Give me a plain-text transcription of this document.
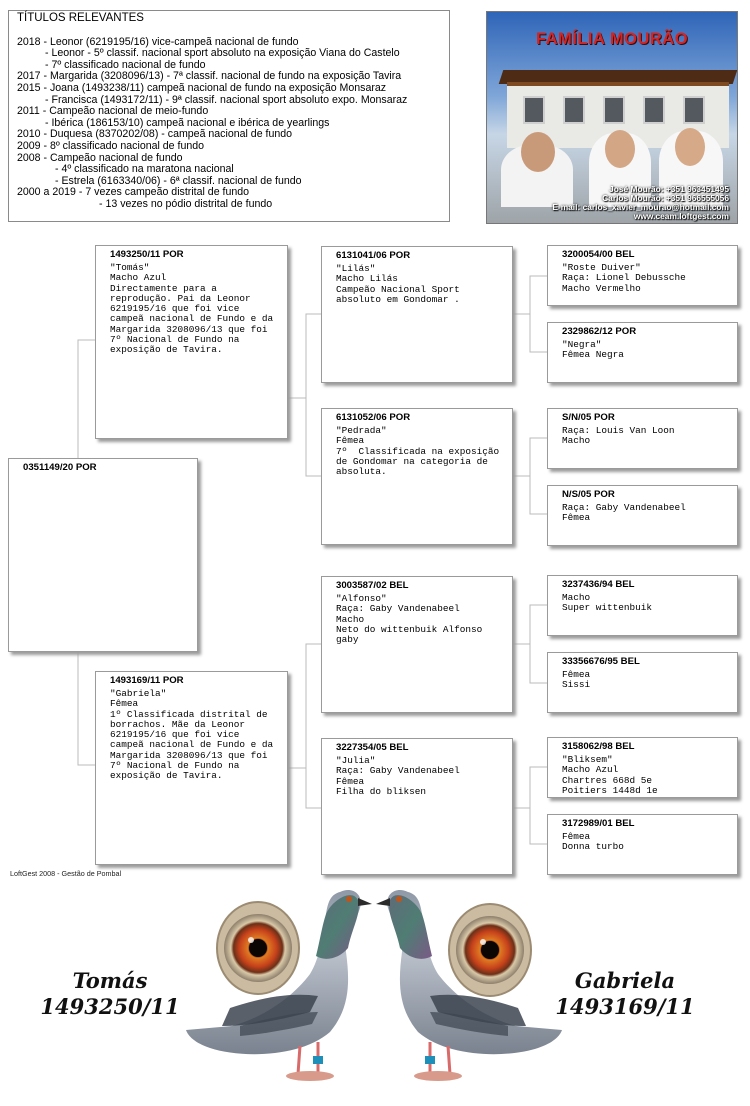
TÍTULOS RELEVANTES
2018 - Leonor (6219195/16) vice-campeã nacional de fundo
- Leonor - 5º classif. nacional sport absoluto na exposição Viana do Castelo
- 7º classificado nacional de fundo
2017 - Margarida (3208096/13) - 7ª classif. nacional de fundo na exposição Tavira
2015 - Joana (1493238/11) campeã nacional de fundo na exposição Monsaraz
- Francisca (1493172/11) - 9ª classif. nacional sport absoluto expo. Monsaraz
2011 - Campeão nacional de meio-fundo
- Ibérica (186153/10) campeã nacional e ibérica de yearlings
2010 - Duquesa (8370202/08) - campeã nacional de fundo
2009 - 8º classificado nacional de fundo
2008 - Campeão nacional de fundo
- 4º classificado na maratona nacional
- Estrela (6163340/06) - 6ª classif. nacional de fundo
2000 a 2019 - 7 vezes campeão distrital de fundo
- 13 vezes no pódio distrital de fundo
FAMÍLIA MOURÃO
José Mourão: +351 963451495
Carlos Mourão: +351 966555056
E-mail: carlos_xavier_mourao@hotmail.com
www.ceam.loftgest.com
0351149/20 POR
1493250/11 POR
"Tomás"
Macho Azul
Directamente para a reprodução. Pai da Leonor 6219195/16 que foi vice campeã nacional de Fundo e da Margarida 3208096/13 que foi 7º Nacional de Fundo na exposição de Tavira.
1493169/11 POR
"Gabriela"
Fêmea
1º Classificada distrital de borrachos. Mãe da Leonor 6219195/16 que foi vice campeã nacional de Fundo e da Margarida 3208096/13 que foi 7º Nacional de Fundo na exposição de Tavira.
6131041/06 POR
"Lilás"
Macho Lilás
Campeão Nacional Sport absoluto em Gondomar .
6131052/06 POR
"Pedrada"
Fêmea
7º  Classificada na exposição de Gondomar na categoria de absoluta.
3003587/02 BEL
"Alfonso"
Raça: Gaby Vandenabeel
Macho
Neto do wittenbuik Alfonso gaby
3227354/05 BEL
"Julia"
Raça: Gaby Vandenabeel
Fêmea
Filha do bliksen
3200054/00 BEL
"Roste Duiver"
Raça: Lionel Debussche
Macho Vermelho
2329862/12 POR
"Negra"
Fêmea Negra
S/N/05 POR
Raça: Louis Van Loon
Macho
N/S/05 POR
Raça: Gaby Vandenabeel
Fêmea
3237436/94 BEL
Macho
Super wittenbuik
33356676/95 BEL
Fêmea
Sissi
3158062/98 BEL
"Bliksem"
Macho Azul
Chartres 668d 5e
Poitiers 1448d 1e
3172989/01 BEL
Fêmea
Donna turbo
LoftGest 2008 - Gestão de Pombal
Tomás
1493250/11
Gabriela
1493169/11
